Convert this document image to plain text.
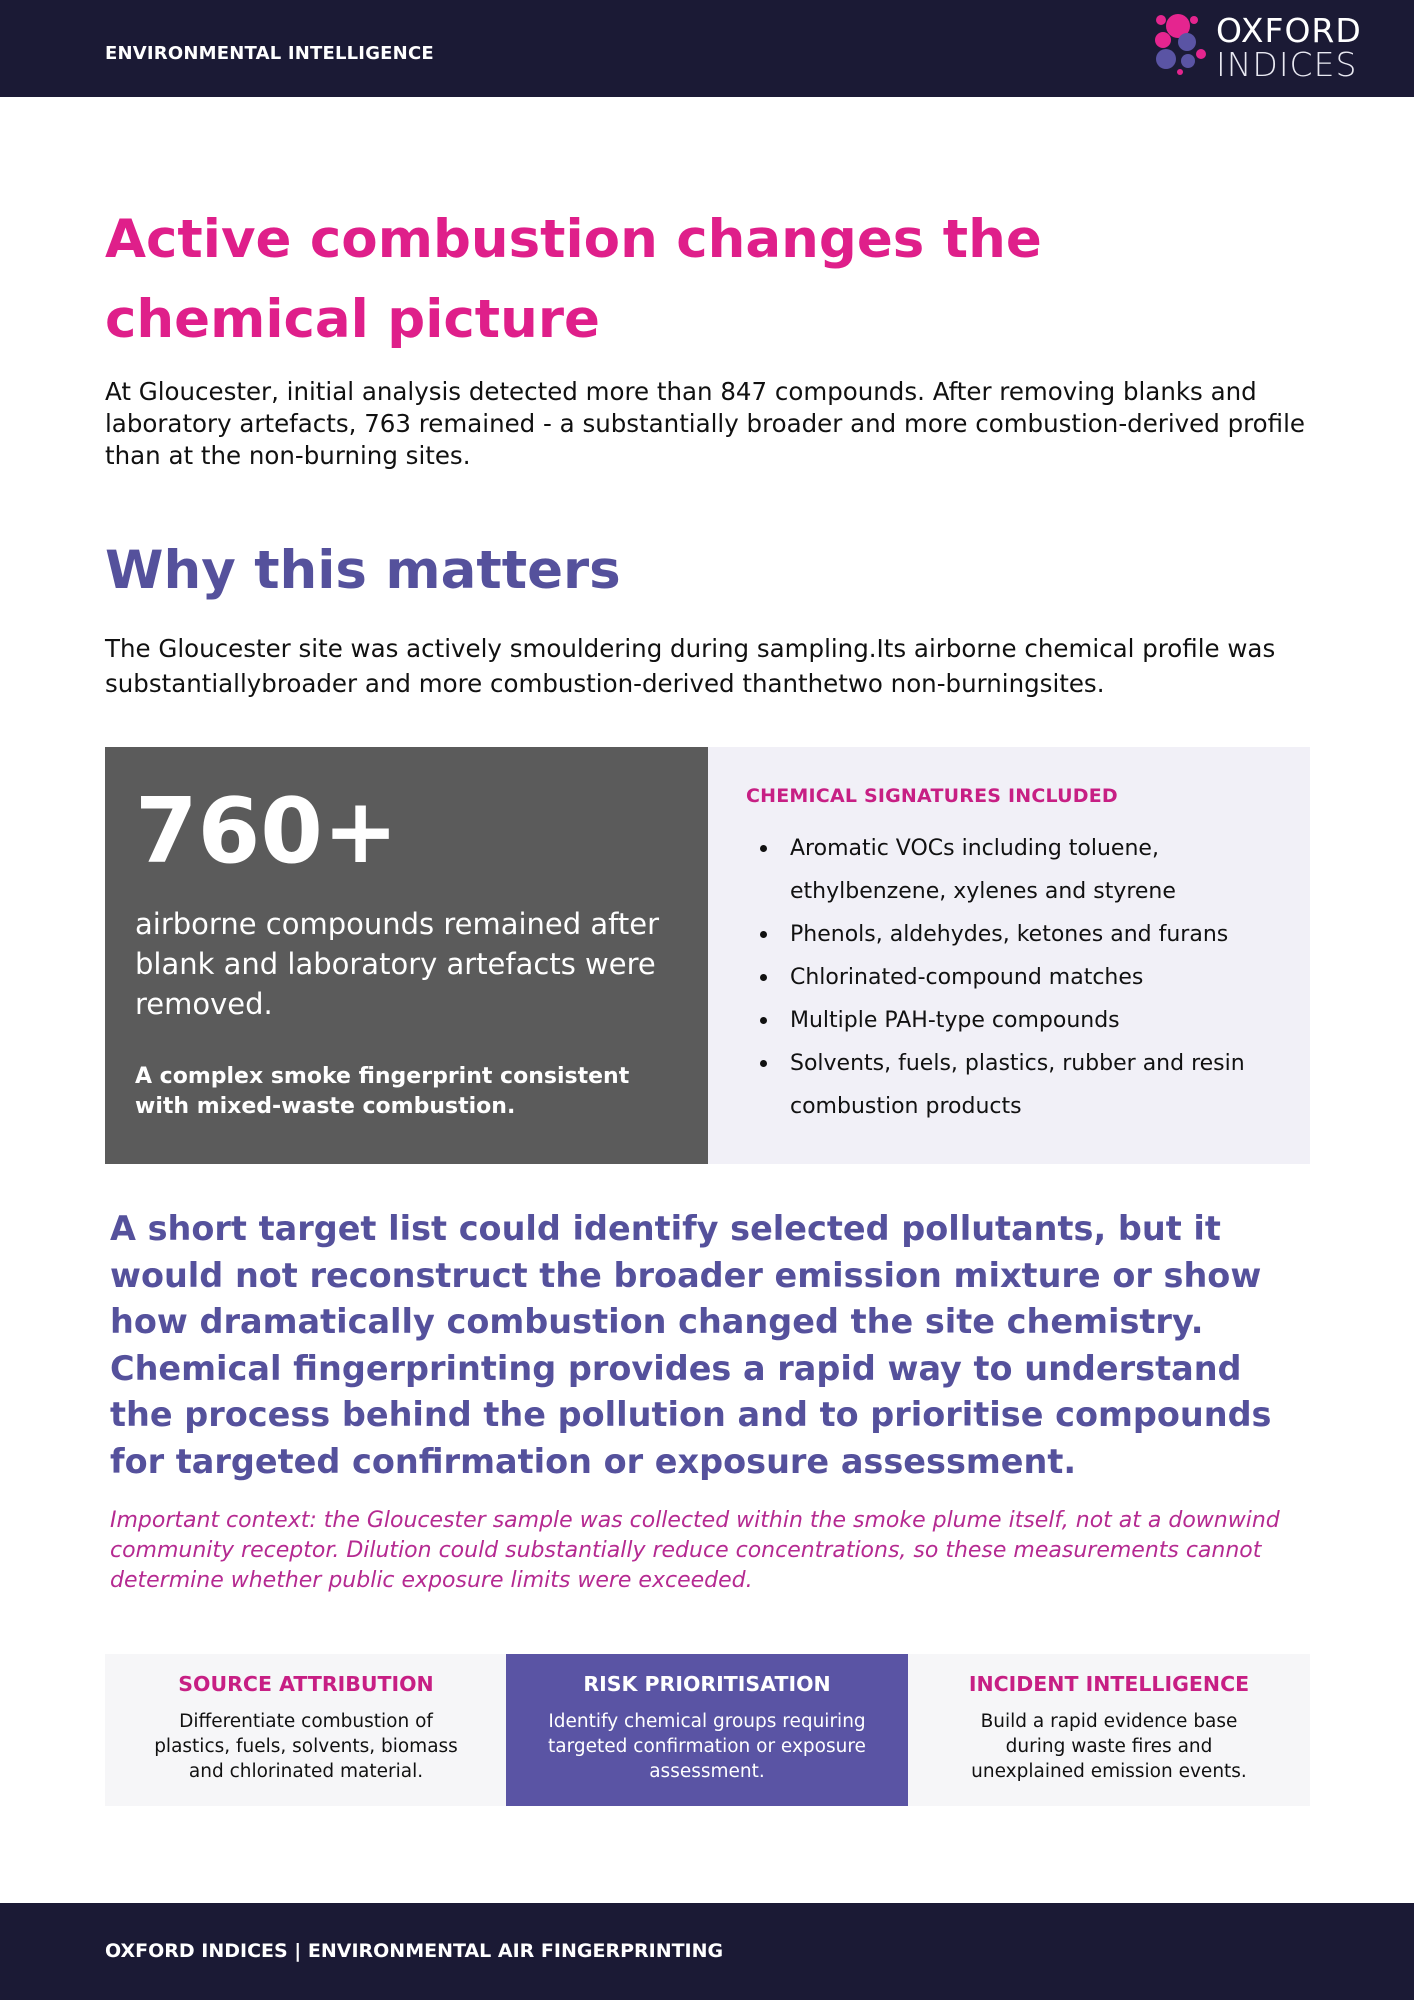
ENVIRONMENTAL INTELLIGENCE
OXFORD
INDICES
Active combustion changes the chemical picture

At Gloucester, initial analysis detected more than 847 compounds. After removing blanks and laboratory artefacts, 763 remained - a substantially broader and more combustion-derived profile than at the non-burning sites.

Why this matters

The Gloucester site was actively smouldering during sampling.Its airborne chemical profile was substantiallybroader and more combustion-derived thanthetwo non-burningsites.

760+
airborne compounds remained after blank and laboratory artefacts were removed.
A complex smoke fingerprint consistent with mixed-waste combustion.
CHEMICAL SIGNATURES INCLUDED
Aromatic VOCs including toluene, ethylbenzene, xylenes and styrene
Phenols, aldehydes, ketones and furans
Chlorinated-compound matches
Multiple PAH-type compounds
Solvents, fuels, plastics, rubber and resin combustion products

A short target list could identify selected pollutants, but it would not reconstruct the broader emission mixture or show how dramatically combustion changed the site chemistry. Chemical fingerprinting provides a rapid way to understand the process behind the pollution and to prioritise compounds for targeted confirmation or exposure assessment.

Important context: the Gloucester sample was collected within the smoke plume itself, not at a downwind community receptor. Dilution could substantially reduce concentrations, so these measurements cannot determine whether public exposure limits were exceeded.

SOURCE ATTRIBUTION
Differentiate combustion of plastics, fuels, solvents, biomass and chlorinated material.
RISK PRIORITISATION
Identify chemical groups requiring targeted confirmation or exposure assessment.
INCIDENT INTELLIGENCE
Build a rapid evidence base during waste fires and unexplained emission events.
OXFORD INDICES | ENVIRONMENTAL AIR FINGERPRINTING
